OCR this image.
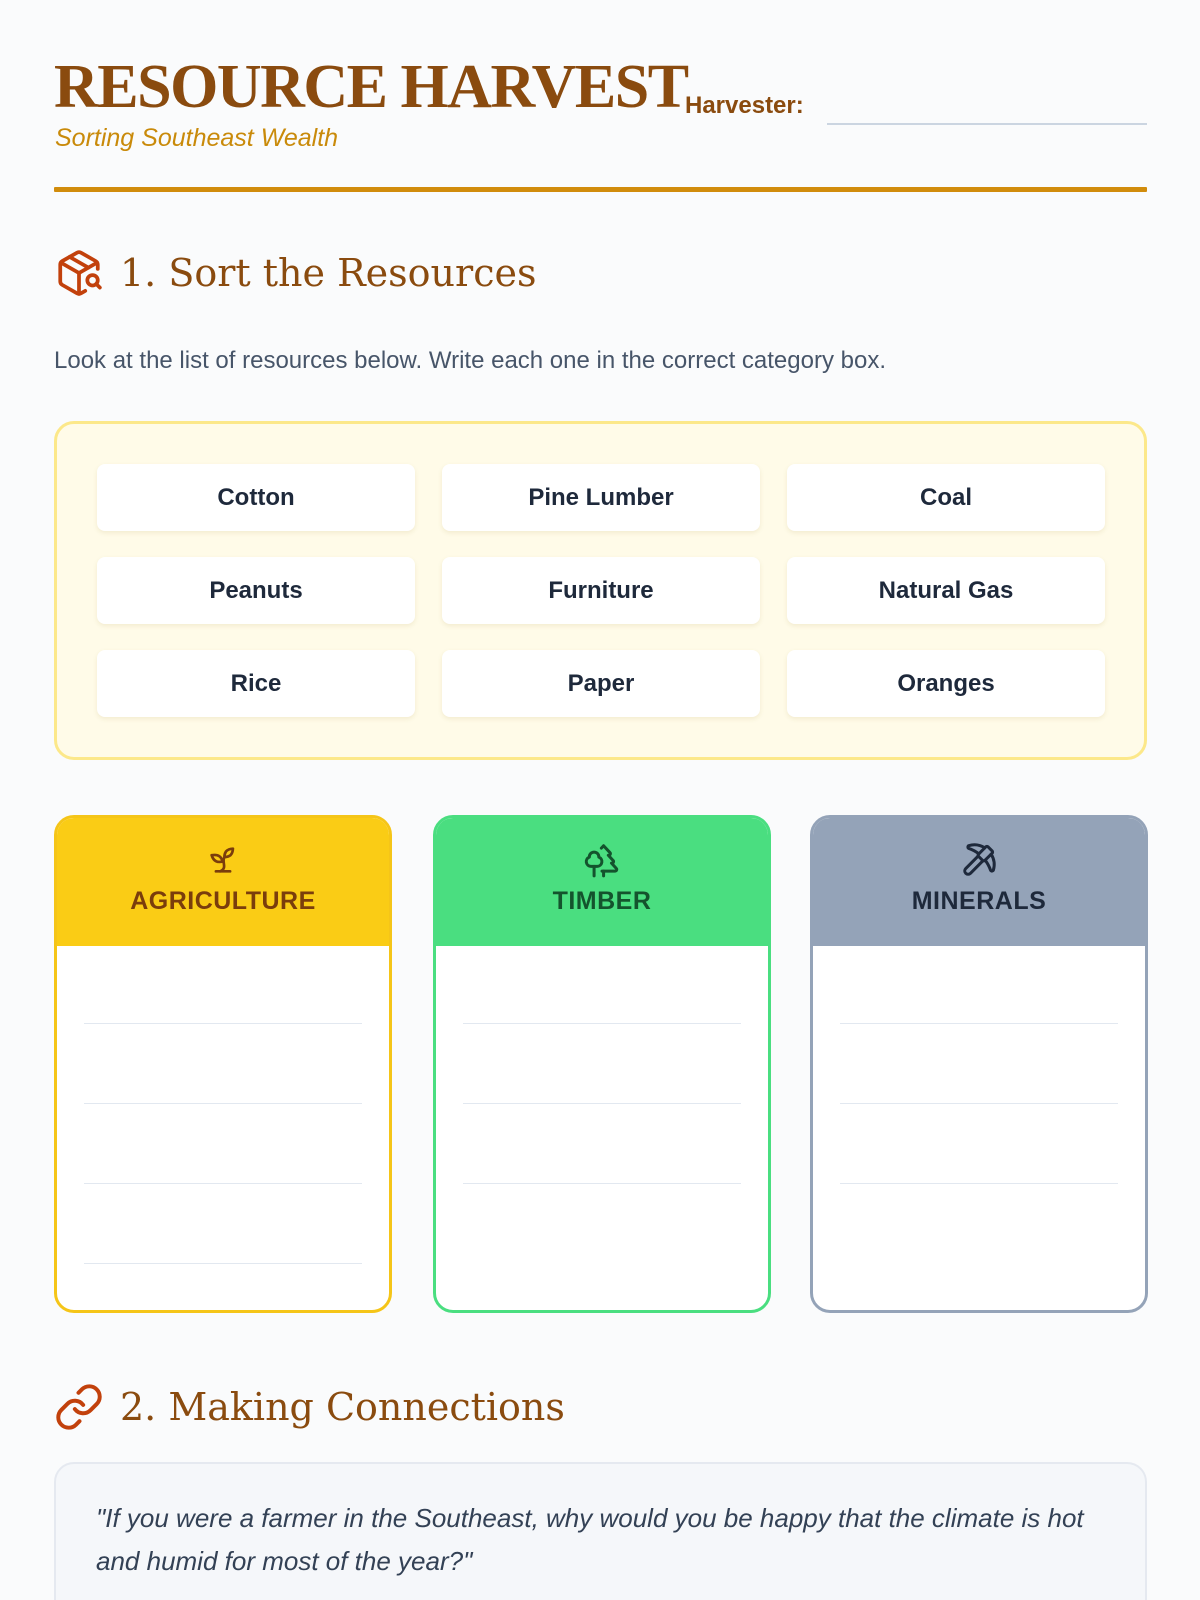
RESOURCE HARVEST
Sorting Southeast Wealth
Harvester:
1. Sort the Resources
Look at the list of resources below. Write each one in the correct category box.
Cotton	Pine Lumber	Coal
Peanuts	Furniture	Natural Gas
Rice	Paper	Oranges
AGRICULTURE	TIMBER	MINERALS
2. Making Connections
"If you were a farmer in the Southeast, why would you be happy that the climate is hot and humid for most of the year?"
